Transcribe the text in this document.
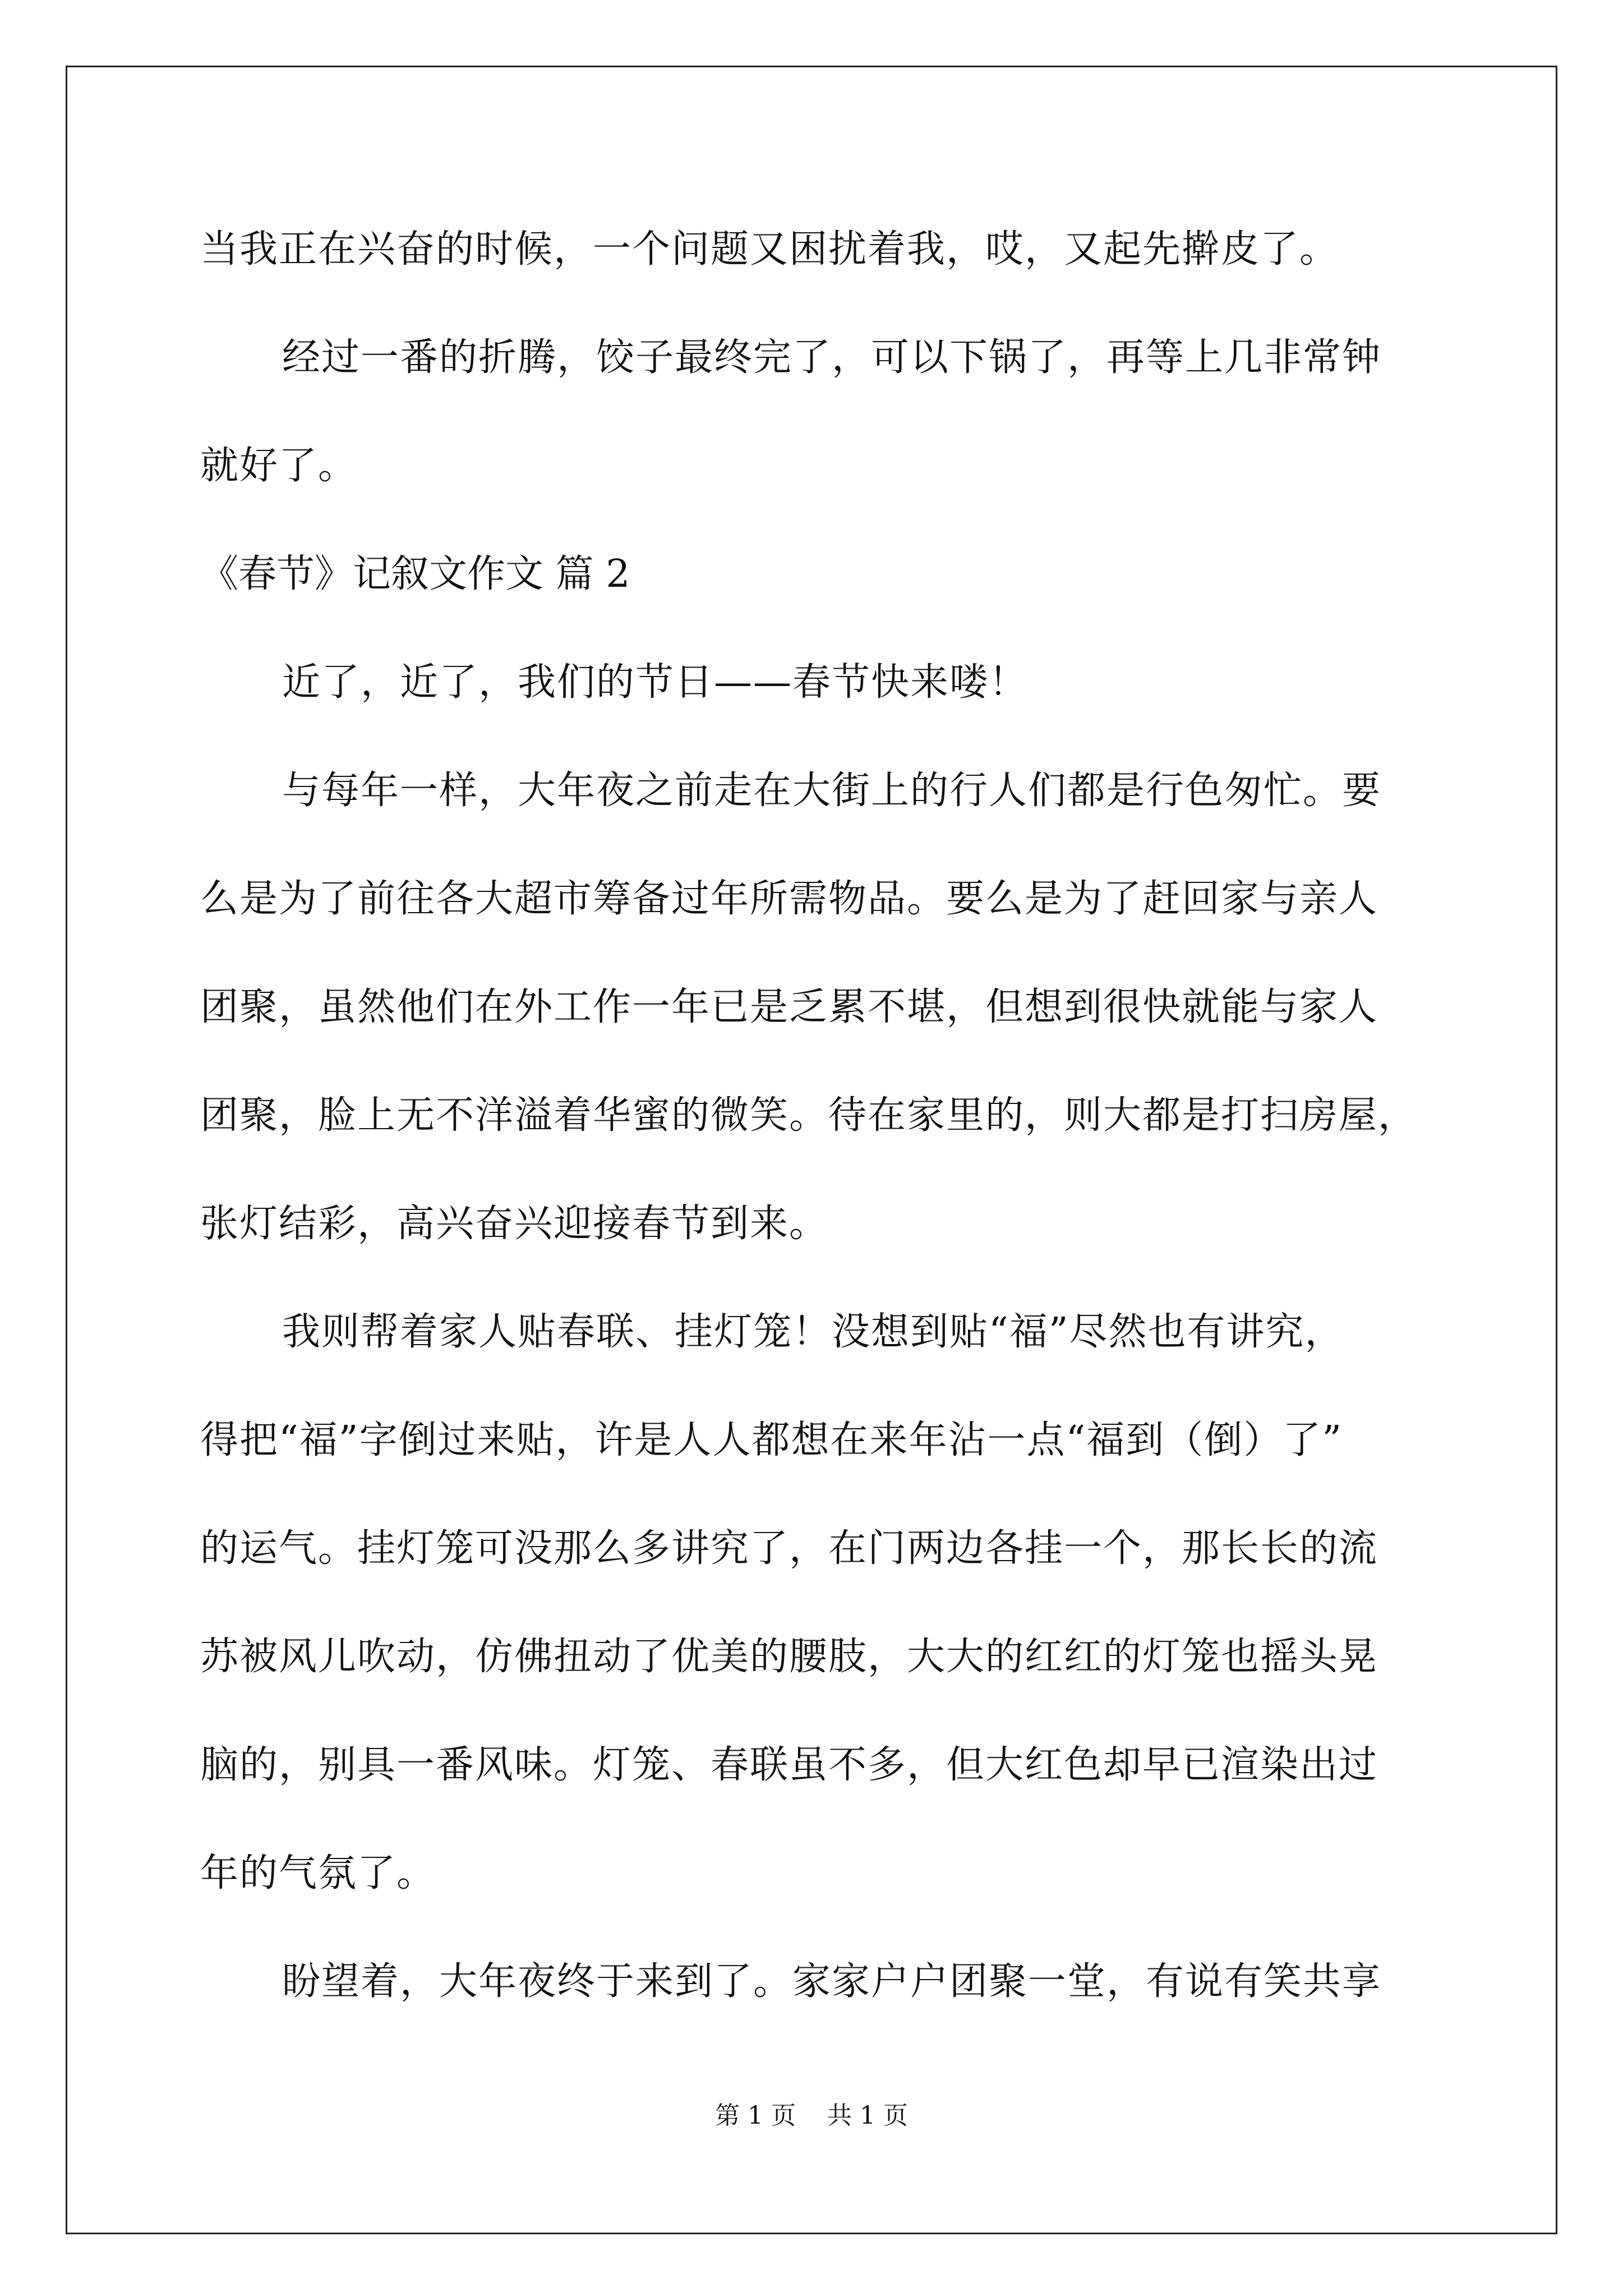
当我正在兴奋的时候，一个问题又困扰着我，哎，又起先擀皮了。
经过一番的折腾，饺子最终完了，可以下锅了，再等上几非常钟
就好了。
《春节》记叙文作文 篇 2
近了，近了，我们的节日——春节快来喽！
与每年一样，大年夜之前走在大街上的行人们都是行色匆忙。要
么是为了前往各大超市筹备过年所需物品。要么是为了赶回家与亲人
团聚，虽然他们在外工作一年已是乏累不堪，但想到很快就能与家人
团聚，脸上无不洋溢着华蜜的微笑。待在家里的，则大都是打扫房屋，
张灯结彩，高兴奋兴迎接春节到来。
我则帮着家人贴春联、挂灯笼！没想到贴“福”尽然也有讲究，
得把“福”字倒过来贴，许是人人都想在来年沾一点“福到（倒）了”
的运气。挂灯笼可没那么多讲究了，在门两边各挂一个，那长长的流
苏被风儿吹动，仿佛扭动了优美的腰肢，大大的红红的灯笼也摇头晃
脑的，别具一番风味。灯笼、春联虽不多，但大红色却早已渲染出过
年的气氛了。
盼望着，大年夜终于来到了。家家户户团聚一堂，有说有笑共享
第 1 页    共 1 页
